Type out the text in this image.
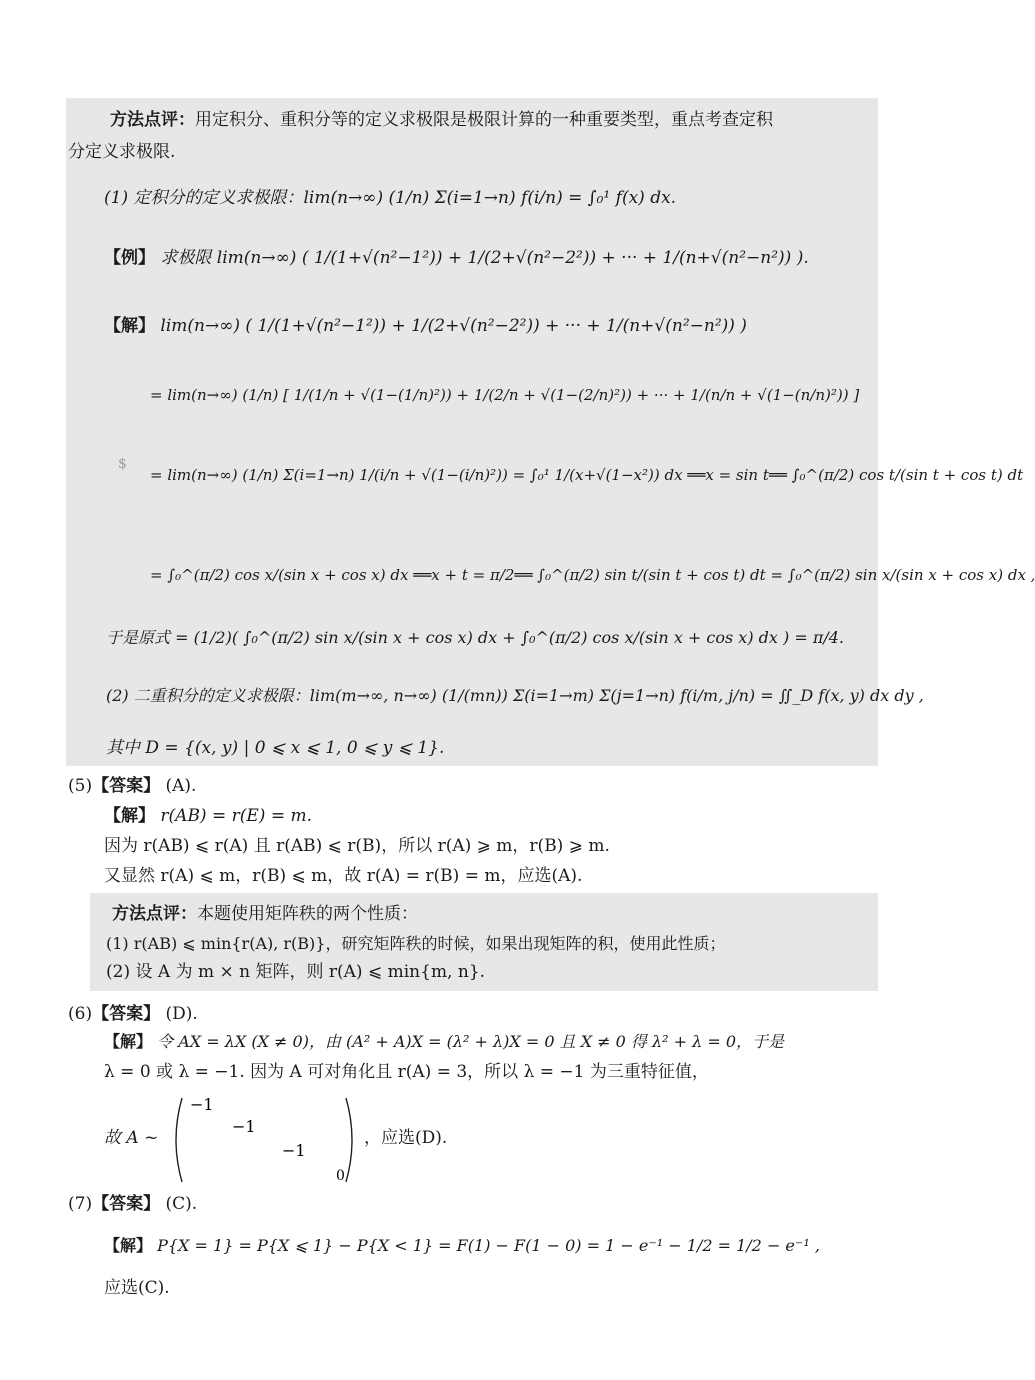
方法点评：用定积分、重积分等的定义求极限是极限计算的一种重要类型，重点考查定积
分定义求极限.
(1) 定积分的定义求极限：lim(n→∞) (1/n) Σ(i=1→n) f(i/n) = ∫₀¹ f(x) dx.
【例】 求极限 lim(n→∞) ( 1/(1+√(n²−1²)) + 1/(2+√(n²−2²)) + ··· + 1/(n+√(n²−n²)) ).
【解】 lim(n→∞) ( 1/(1+√(n²−1²)) + 1/(2+√(n²−2²)) + ··· + 1/(n+√(n²−n²)) )
= lim(n→∞) (1/n) [ 1/(1/n + √(1−(1/n)²)) + 1/(2/n + √(1−(2/n)²)) + ··· + 1/(n/n + √(1−(n/n)²)) ]
$
= lim(n→∞) (1/n) Σ(i=1→n) 1/(i/n + √(1−(i/n)²)) = ∫₀¹ 1/(x+√(1−x²)) dx ══x = sin t══ ∫₀^(π/2) cos t/(sin t + cos t) dt
= ∫₀^(π/2) cos x/(sin x + cos x) dx ══x + t = π/2══ ∫₀^(π/2) sin t/(sin t + cos t) dt = ∫₀^(π/2) sin x/(sin x + cos x) dx ,
于是原式 = (1/2)( ∫₀^(π/2) sin x/(sin x + cos x) dx + ∫₀^(π/2) cos x/(sin x + cos x) dx ) = π/4.
(2) 二重积分的定义求极限：lim(m→∞, n→∞) (1/(mn)) Σ(i=1→m) Σ(j=1→n) f(i/m, j/n) = ∬_D f(x, y) dx dy ,
其中 D = {(x, y) | 0 ⩽ x ⩽ 1, 0 ⩽ y ⩽ 1}.
(5)【答案】 (A).
【解】 r(AB) = r(E) = m.
因为 r(AB) ⩽ r(A) 且 r(AB) ⩽ r(B)，所以 r(A) ⩾ m，r(B) ⩾ m.
又显然 r(A) ⩽ m，r(B) ⩽ m，故 r(A) = r(B) = m，应选(A).
方法点评：本题使用矩阵秩的两个性质：
(1) r(AB) ⩽ min{r(A), r(B)}，研究矩阵秩的时候，如果出现矩阵的积，使用此性质；
(2) 设 A 为 m × n 矩阵，则 r(A) ⩽ min{m, n}.
(6)【答案】 (D).
【解】 令 AX = λX (X ≠ 0)，由 (A² + A)X = (λ² + λ)X = 0 且 X ≠ 0 得 λ² + λ = 0，于是
λ = 0 或 λ = −1. 因为 A 可对角化且 r(A) = 3，所以 λ = −1 为三重特征值，
故 A ~
−1
−1
−1
0
，应选(D).
(7)【答案】 (C).
【解】 P{X = 1} = P{X ⩽ 1} − P{X < 1} = F(1) − F(1 − 0) = 1 − e⁻¹ − 1/2 = 1/2 − e⁻¹ ,
应选(C).
